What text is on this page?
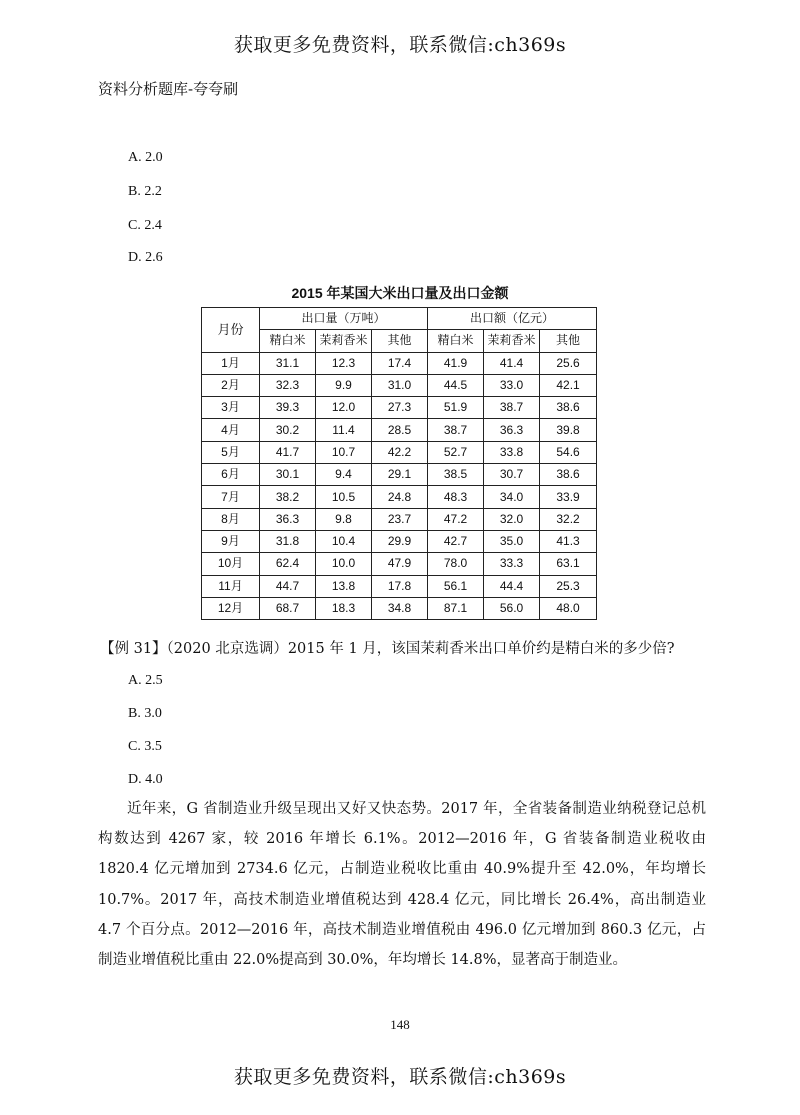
获取更多免费资料，联系微信:ch369s
资料分析题库-夸夸刷
A. 2.0
B. 2.2
C. 2.4
D. 2.6
2015 年某国大米出口量及出口金额
月份	出口量（万吨）			出口额（亿元）		
	精白米	茉莉香米	其他	精白米	茉莉香米	其他
1月	31.1	12.3	17.4	41.9	41.4	25.6
2月	32.3	9.9	31.0	44.5	33.0	42.1
3月	39.3	12.0	27.3	51.9	38.7	38.6
4月	30.2	11.4	28.5	38.7	36.3	39.8
5月	41.7	10.7	42.2	52.7	33.8	54.6
6月	30.1	9.4	29.1	38.5	30.7	38.6
7月	38.2	10.5	24.8	48.3	34.0	33.9
8月	36.3	9.8	23.7	47.2	32.0	32.2
9月	31.8	10.4	29.9	42.7	35.0	41.3
10月	62.4	10.0	47.9	78.0	33.3	63.1
11月	44.7	13.8	17.8	56.1	44.4	25.3
12月	68.7	18.3	34.8	87.1	56.0	48.0
【例 31】（2020 北京选调）2015 年 1 月，该国茉莉香米出口单价约是精白米的多少倍?
A. 2.5
B. 3.0
C. 3.5
D. 4.0
近年来，G 省制造业升级呈现出又好又快态势。2017 年，全省装备制造业纳税登记总机构数达到 4267 家，较 2016 年增长 6.1%。2012—2016 年，G 省装备制造业税收由 1820.4 亿元增加到 2734.6 亿元，占制造业税收比重由 40.9%提升至 42.0%，年均增长 10.7%。2017 年，高技术制造业增值税达到 428.4 亿元，同比增长 26.4%，高出制造业 4.7 个百分点。2012—2016 年，高技术制造业增值税由 496.0 亿元增加到 860.3 亿元，占制造业增值税比重由 22.0%提高到 30.0%，年均增长 14.8%，显著高于制造业。
148
获取更多免费资料，联系微信:ch369s
